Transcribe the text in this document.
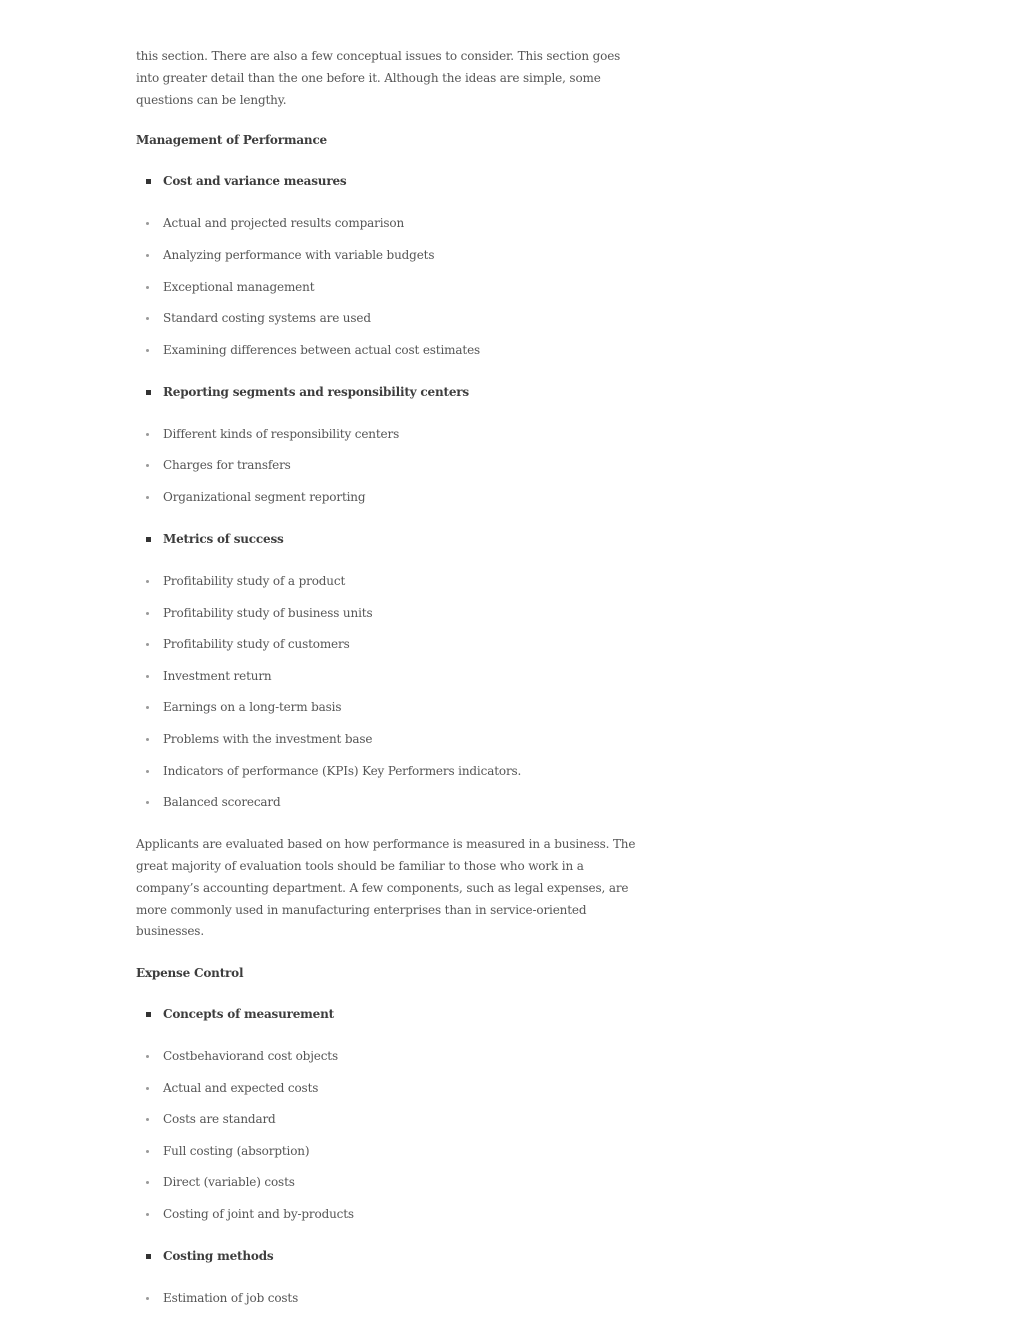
this section. There are also a few conceptual issues to consider. This section goes into greater detail than the one before it. Although the ideas are simple, some questions can be lengthy.

Management of Performance
Cost and variance measures
Actual and projected results comparison
Analyzing performance with variable budgets
Exceptional management
Standard costing systems are used
Examining differences between actual cost estimates
Reporting segments and responsibility centers
Different kinds of responsibility centers
Charges for transfers
Organizational segment reporting
Metrics of success
Profitability study of a product
Profitability study of business units
Profitability study of customers
Investment return
Earnings on a long-term basis
Problems with the investment base
Indicators of performance (KPIs) Key Performers indicators.
Balanced scorecard

Applicants are evaluated based on how performance is measured in a business. The great majority of evaluation tools should be familiar to those who work in a company’s accounting department. A few components, such as legal expenses, are more commonly used in manufacturing enterprises than in service-oriented businesses.

Expense Control
Concepts of measurement
Costbehaviorand cost objects
Actual and expected costs
Costs are standard
Full costing (absorption)
Direct (variable) costs
Costing of joint and by-products
Costing methods
Estimation of job costs
